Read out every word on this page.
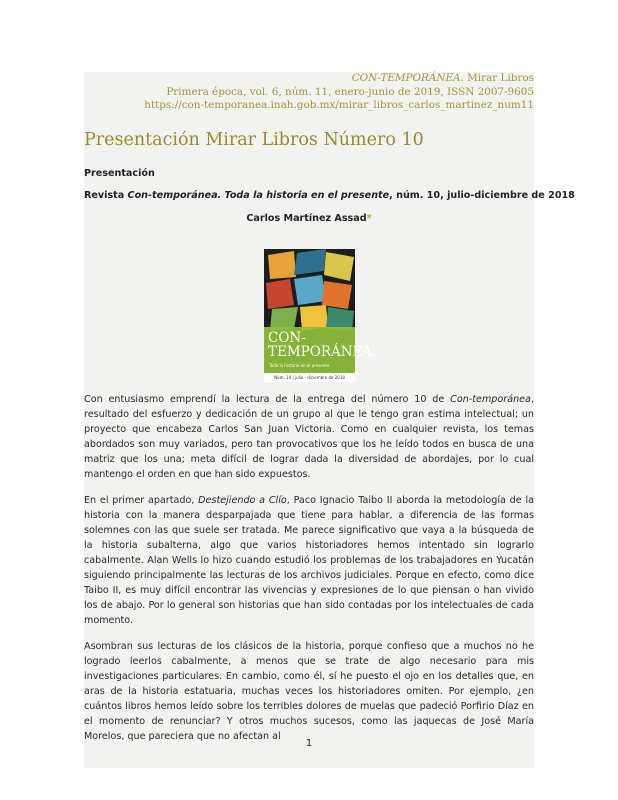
CON-TEMPORÁNEA. Mirar Libros
Primera época, vol. 6, núm. 11, enero-junio de 2019, ISSN 2007-9605
https://con-temporanea.inah.gob.mx/mirar_libros_carlos_martinez_num11
Presentación Mirar Libros Número 10
Presentación
Revista Con-temporánea. Toda la historia en el presente, núm. 10, julio-diciembre de 2018
Carlos Martínez Assad*
CON-
TEMPORÁNEA.
Toda la historia en el presente
Núm. 10 | julio - diciembre de 2018

Con entusiasmo emprendí la lectura de la entrega del número 10 de Con-temporánea, resultado del esfuerzo y dedicación de un grupo al que le tengo gran estima intelectual; un proyecto que encabeza Carlos San Juan Victoria. Como en cualquier revista, los temas abordados son muy variados, pero tan provocativos que los he leído todos en busca de una matriz que los una; meta difícil de lograr dada la diversidad de abordajes, por lo cual mantengo el orden en que han sido expuestos.

En el primer apartado, Destejiendo a Clío, Paco Ignacio Taibo II aborda la metodología de la historia con la manera desparpajada que tiene para hablar, a diferencia de las formas solemnes con las que suele ser tratada. Me parece significativo que vaya a la búsqueda de la historia subalterna, algo que varios historiadores hemos intentado sin lograrlo cabalmente. Alan Wells lo hizo cuando estudió los problemas de los trabajadores en Yucatán siguiendo principalmente las lecturas de los archivos judiciales. Porque en efecto, como dice Taibo II, es muy difícil encontrar las vivencias y expresiones de lo que piensan o han vivido los de abajo. Por lo general son historias que han sido contadas por los intelectuales de cada momento.

Asombran sus lecturas de los clásicos de la historia, porque confieso que a muchos no he logrado leerlos cabalmente, a menos que se trate de algo necesario para mis investigaciones particulares. En cambio, como él, sí he puesto el ojo en los detalles que, en aras de la historia estatuaria, muchas veces los historiadores omiten. Por ejemplo, ¿en cuántos libros hemos leído sobre los terribles dolores de muelas que padeció Porfirio Díaz en el momento de renunciar? Y otros muchos sucesos, como las jaquecas de José María Morelos, que pareciera que no afectan al

1
